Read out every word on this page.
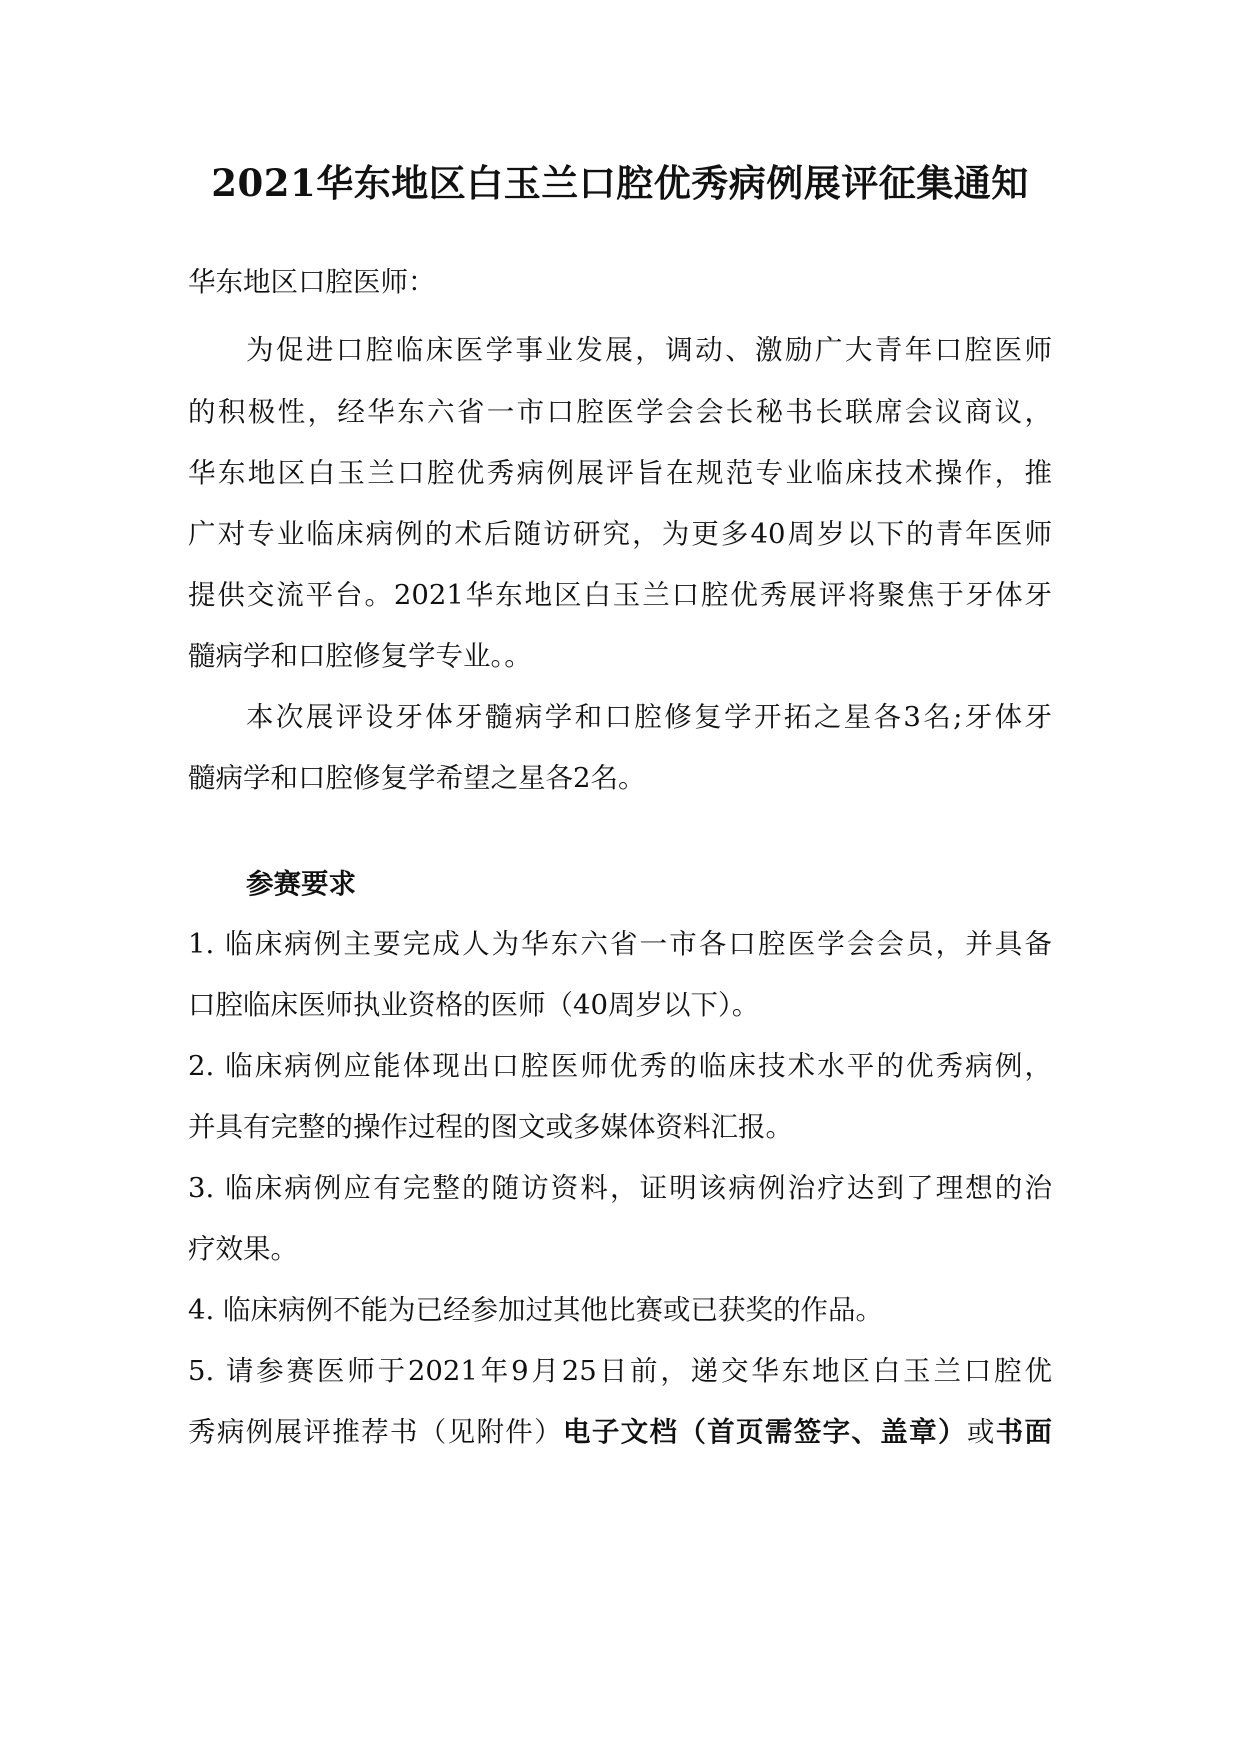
2021华东地区白玉兰口腔优秀病例展评征集通知
华东地区口腔医师：
为促进口腔临床医学事业发展，调动、激励广大青年口腔医师
的积极性，经华东六省一市口腔医学会会长秘书长联席会议商议，
华东地区白玉兰口腔优秀病例展评旨在规范专业临床技术操作，推
广对专业临床病例的术后随访研究，为更多40周岁以下的青年医师
提供交流平台。2021华东地区白玉兰口腔优秀展评将聚焦于牙体牙
髓病学和口腔修复学专业。。
本次展评设牙体牙髓病学和口腔修复学开拓之星各3名;牙体牙
髓病学和口腔修复学希望之星各2名。
参赛要求
1. 临床病例主要完成人为华东六省一市各口腔医学会会员，并具备
口腔临床医师执业资格的医师（40周岁以下）。
2. 临床病例应能体现出口腔医师优秀的临床技术水平的优秀病例，
并具有完整的操作过程的图文或多媒体资料汇报。
3. 临床病例应有完整的随访资料，证明该病例治疗达到了理想的治
疗效果。
4. 临床病例不能为已经参加过其他比赛或已获奖的作品。
5. 请参赛医师于2021年9月25日前，递交华东地区白玉兰口腔优
秀病例展评推荐书（见附件）电子文档（首页需签字、盖章）或书面
